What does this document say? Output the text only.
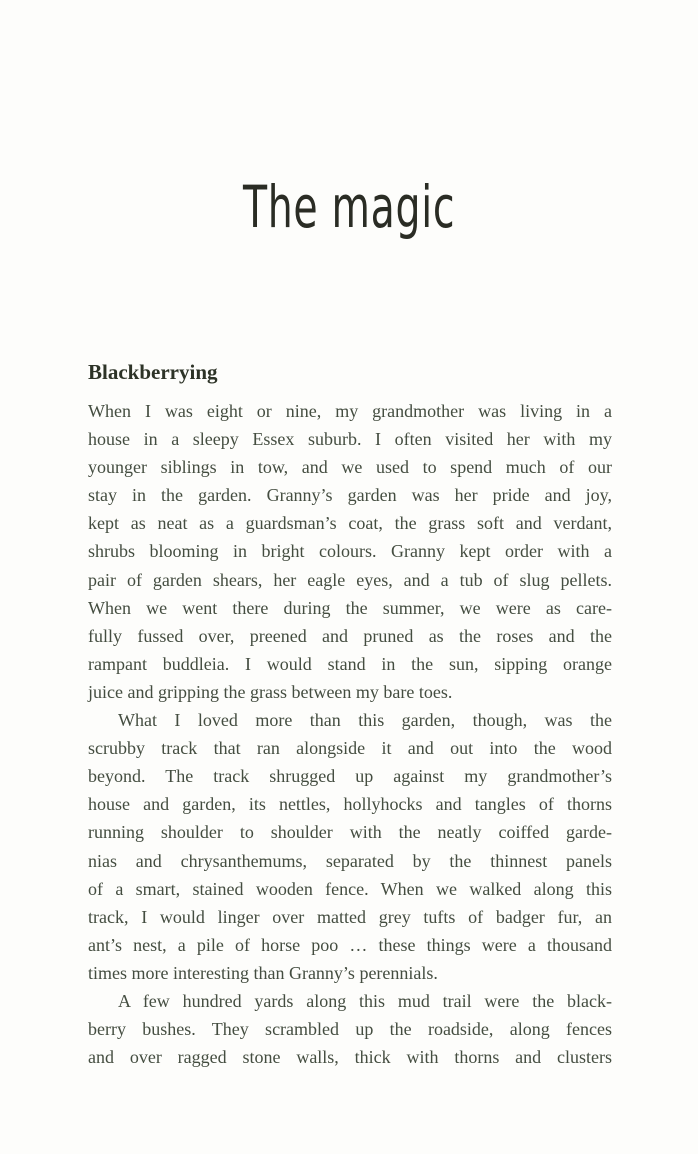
The magic
Blackberrying
When I was eight or nine, my grandmother was living in a
house in a sleepy Essex suburb. I often visited her with my
younger siblings in tow, and we used to spend much of our
stay in the garden. Granny’s garden was her pride and joy,
kept as neat as a guardsman’s coat, the grass soft and verdant,
shrubs blooming in bright colours. Granny kept order with a
pair of garden shears, her eagle eyes, and a tub of slug pellets.
When we went there during the summer, we were as care-
fully fussed over, preened and pruned as the roses and the
rampant buddleia. I would stand in the sun, sipping orange
juice and gripping the grass between my bare toes.
What I loved more than this garden, though, was the
scrubby track that ran alongside it and out into the wood
beyond. The track shrugged up against my grandmother’s
house and garden, its nettles, hollyhocks and tangles of thorns
running shoulder to shoulder with the neatly coiffed garde-
nias and chrysanthemums, separated by the thinnest panels
of a smart, stained wooden fence. When we walked along this
track, I would linger over matted grey tufts of badger fur, an
ant’s nest, a pile of horse poo … these things were a thousand
times more interesting than Granny’s perennials.
A few hundred yards along this mud trail were the black-
berry bushes. They scrambled up the roadside, along fences
and over ragged stone walls, thick with thorns and clusters
